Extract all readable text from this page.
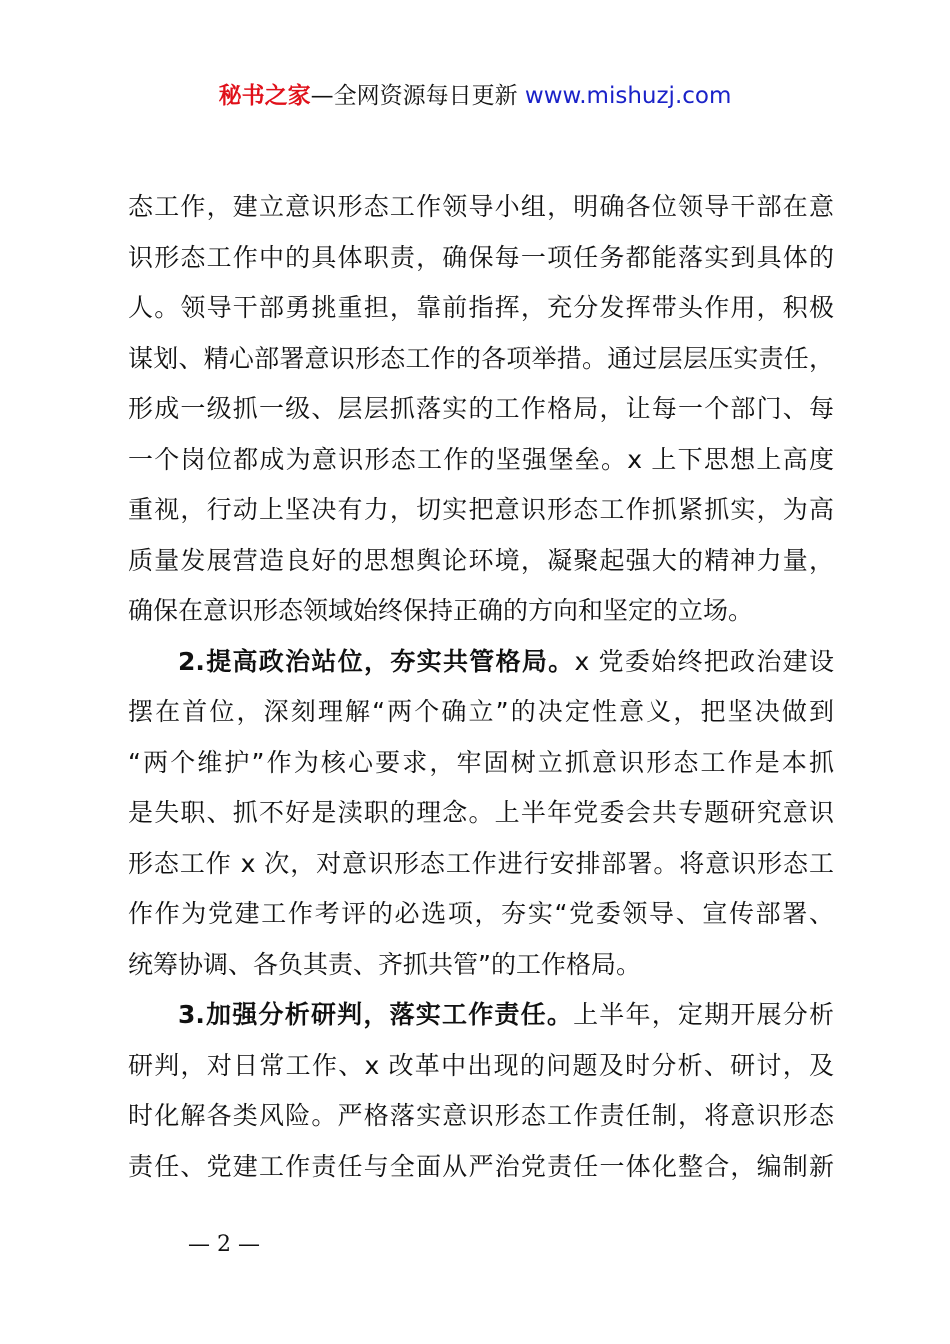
秘书之家—全网资源每日更新 www.mishuzj.com
态工作，建立意识形态工作领导小组，明确各位领导干部在意
识形态工作中的具体职责，确保每一项任务都能落实到具体的
人。领导干部勇挑重担，靠前指挥，充分发挥带头作用，积极
谋划、精心部署意识形态工作的各项举措。通过层层压实责任，
形成一级抓一级、层层抓落实的工作格局，让每一个部门、每
一个岗位都成为意识形态工作的坚强堡垒。x 上下思想上高度
重视，行动上坚决有力，切实把意识形态工作抓紧抓实，为高
质量发展营造良好的思想舆论环境，凝聚起强大的精神力量，
确保在意识形态领域始终保持正确的方向和坚定的立场。
2.提高政治站位，夯实共管格局。x 党委始终把政治建设
摆在首位，深刻理解“两个确立”的决定性意义，把坚决做到
“两个维护”作为核心要求，牢固树立抓意识形态工作是本抓
是失职、抓不好是渎职的理念。上半年党委会共专题研究意识
形态工作 x 次，对意识形态工作进行安排部署。将意识形态工
作作为党建工作考评的必选项，夯实“党委领导、宣传部署、
统筹协调、各负其责、齐抓共管”的工作格局。
3.加强分析研判，落实工作责任。上半年，定期开展分析
研判，对日常工作、x 改革中出现的问题及时分析、研讨，及
时化解各类风险。严格落实意识形态工作责任制，将意识形态
责任、党建工作责任与全面从严治党责任一体化整合，编制新
— 2 —
